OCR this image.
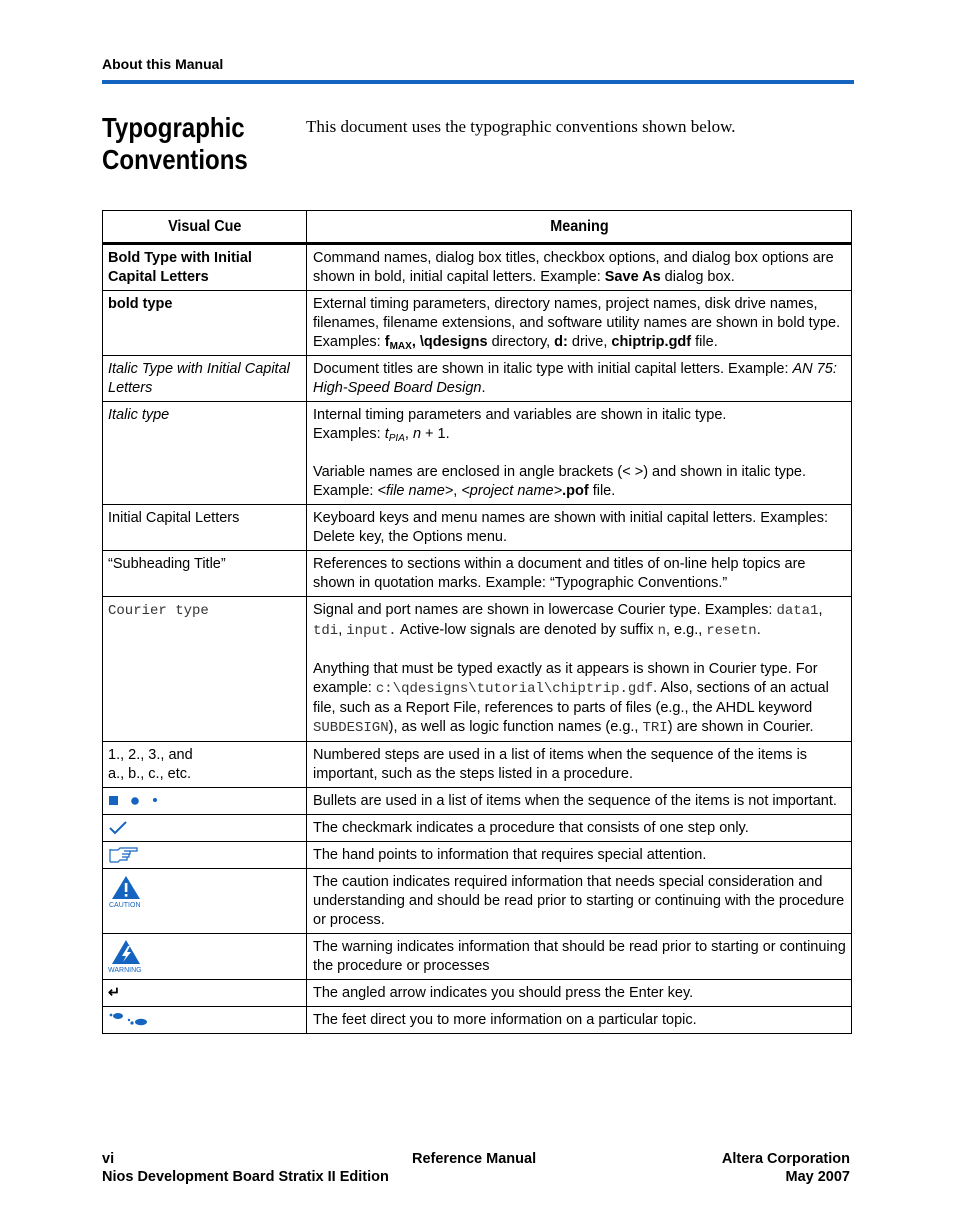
About this Manual
Typographic
Conventions
This document uses the typographic conventions shown below.
Visual Cue	Meaning
Bold Type with Initial Capital Letters	Command names, dialog box titles, checkbox options, and dialog box options are shown in bold, initial capital letters. Example: Save As dialog box.
bold type	External timing parameters, directory names, project names, disk drive names, filenames, filename extensions, and software utility names are shown in bold type. Examples: $f_{MAX}$, \qdesigns directory, d: drive, chiptrip.gdf file.
Italic Type with Initial Capital Letters	Document titles are shown in italic type with initial capital letters. Example: AN 75: High-Speed Board Design.
Italic type	Internal timing parameters and variables are shown in italic type.
Examples: $t_{PIA}$, n + 1.
Variable names are enclosed in angle brackets (< >) and shown in italic type. Example: <file name>, <project name>.pof file.

Initial Capital Letters	Keyboard keys and menu names are shown with initial capital letters. Examples: Delete key, the Options menu.
“Subheading Title”	References to sections within a document and titles of on-line help topics are shown in quotation marks. Example: “Typographic Conventions.”
Courier type	Signal and port names are shown in lowercase Courier type. Examples: data1, tdi, input. Active-low signals are denoted by suffix n, e.g., resetn.
Anything that must be typed exactly as it appears is shown in Courier type. For example: c:\qdesigns\tutorial\chiptrip.gdf. Also, sections of an actual file, such as a Report File, references to parts of files (e.g., the AHDL keyword SUBDESIGN), as well as logic function names (e.g., TRI) are shown in Courier.

1., 2., 3., and
a., b., c., etc.	Numbered steps are used in a list of items when the sequence of the items is important, such as the steps listed in a procedure.
	Bullets are used in a list of items when the sequence of the items is not important.
	The checkmark indicates a procedure that consists of one step only.
	The hand points to information that requires special attention.

CAUTION	The caution indicates required information that needs special consideration and understanding and should be read prior to starting or continuing with the procedure or process.

WARNING	The warning indicates information that should be read prior to starting or continuing the procedure or processes
↵	The angled arrow indicates you should press the Enter key.
	The feet direct you to more information on a particular topic.
vi	Reference Manual	Altera Corporation
Nios Development Board Stratix II Edition	May 2007
